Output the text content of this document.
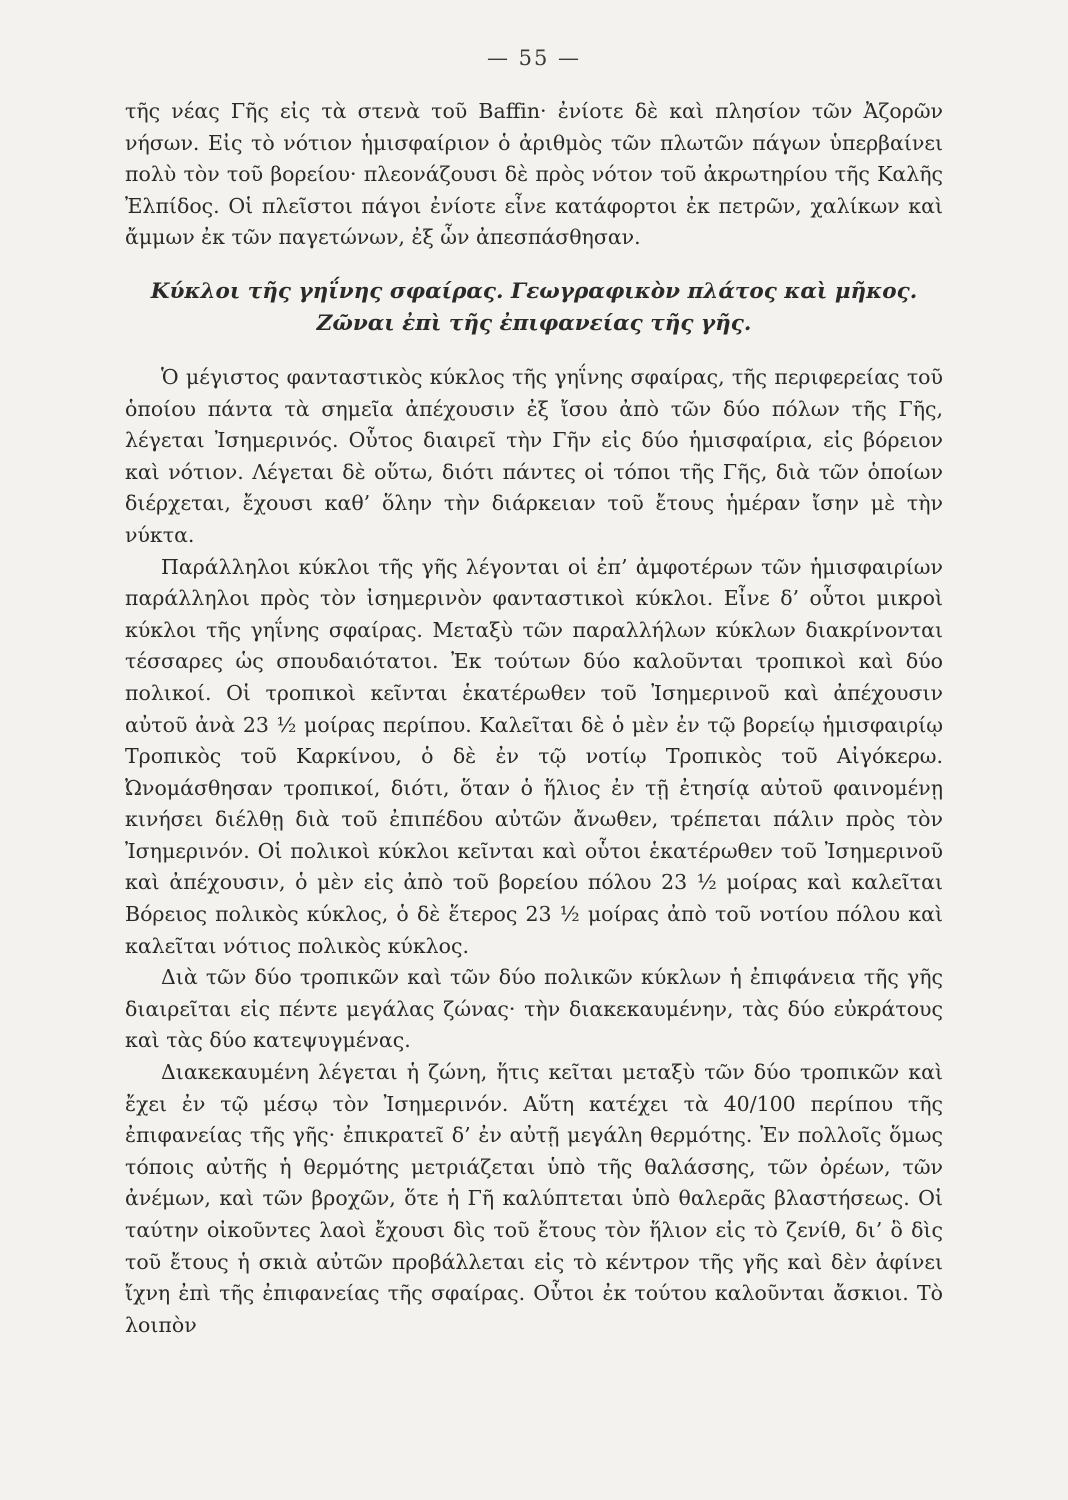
— 55 —

τῆς νέας Γῆς εἰς τὰ στενὰ τοῦ Baffin· ἐνίοτε δὲ καὶ πλησίον τῶν Ἀζορῶν νήσων. Εἰς τὸ νότιον ἡμισφαίριον ὁ ἀριθμὸς τῶν πλωτῶν πάγων ὑπερβαίνει πολὺ τὸν τοῦ βορείου· πλεονάζουσι δὲ πρὸς νότον τοῦ ἀκρωτηρίου τῆς Καλῆς Ἐλπίδος. Οἱ πλεῖστοι πάγοι ἐνίοτε εἶνε κατάφορτοι ἐκ πετρῶν, χαλίκων καὶ ἄμμων ἐκ τῶν παγετώνων, ἐξ ὧν ἀπεσπάσθησαν.

Κύκλοι τῆς γηΐνης σφαίρας. Γεωγραφικὸν πλάτος καὶ μῆκος.
Ζῶναι ἐπὶ τῆς ἐπιφανείας τῆς γῆς.

Ὁ μέγιστος φανταστικὸς κύκλος τῆς γηΐνης σφαίρας, τῆς περιφερείας τοῦ ὁποίου πάντα τὰ σημεῖα ἀπέχουσιν ἐξ ἴσου ἀπὸ τῶν δύο πόλων τῆς Γῆς, λέγεται Ἰσημερινός. Οὗτος διαιρεῖ τὴν Γῆν εἰς δύο ἡμισφαίρια, εἰς βόρειον καὶ νότιον. Λέγεται δὲ οὕτω, διότι πάντες οἱ τόποι τῆς Γῆς, διὰ τῶν ὁποίων διέρχεται, ἔχουσι καθ’ ὅλην τὴν διάρκειαν τοῦ ἔτους ἡμέραν ἴσην μὲ τὴν νύκτα.

Παράλληλοι κύκλοι τῆς γῆς λέγονται οἱ ἐπ’ ἀμφοτέρων τῶν ἡμισφαιρίων παράλληλοι πρὸς τὸν ἰσημερινὸν φανταστικοὶ κύκλοι. Εἶνε δ’ οὗτοι μικροὶ κύκλοι τῆς γηΐνης σφαίρας. Μεταξὺ τῶν παραλλήλων κύκλων διακρίνονται τέσσαρες ὡς σπουδαιότατοι. Ἐκ τούτων δύο καλοῦνται τροπικοὶ καὶ δύο πολικοί. Οἱ τροπικοὶ κεῖνται ἑκατέρωθεν τοῦ Ἰσημερινοῦ καὶ ἀπέχουσιν αὐτοῦ ἀνὰ 23 ½ μοίρας περίπου. Καλεῖται δὲ ὁ μὲν ἐν τῷ βορείῳ ἡμισφαιρίῳ Τροπικὸς τοῦ Καρκίνου, ὁ δὲ ἐν τῷ νοτίῳ Τροπικὸς τοῦ Αἰγόκερω. Ὠνομάσθησαν τροπικοί, διότι, ὅταν ὁ ἥλιος ἐν τῇ ἐτησίᾳ αὐτοῦ φαινομένῃ κινήσει διέλθῃ διὰ τοῦ ἐπιπέδου αὐτῶν ἄνωθεν, τρέπεται πάλιν πρὸς τὸν Ἰσημερινόν. Οἱ πολικοὶ κύκλοι κεῖνται καὶ οὗτοι ἑκατέρωθεν τοῦ Ἰσημερινοῦ καὶ ἀπέχουσιν, ὁ μὲν εἰς ἀπὸ τοῦ βορείου πόλου 23 ½ μοίρας καὶ καλεῖται Βόρειος πολικὸς κύκλος, ὁ δὲ ἕτερος 23 ½ μοίρας ἀπὸ τοῦ νοτίου πόλου καὶ καλεῖται νότιος πολικὸς κύκλος.

Διὰ τῶν δύο τροπικῶν καὶ τῶν δύο πολικῶν κύκλων ἡ ἐπιφάνεια τῆς γῆς διαιρεῖται εἰς πέντε μεγάλας ζώνας· τὴν διακεκαυμένην, τὰς δύο εὐκράτους καὶ τὰς δύο κατεψυγμένας.

Διακεκαυμένη λέγεται ἡ ζώνη, ἥτις κεῖται μεταξὺ τῶν δύο τροπικῶν καὶ ἔχει ἐν τῷ μέσῳ τὸν Ἰσημερινόν. Αὕτη κατέχει τὰ 40/100 περίπου τῆς ἐπιφανείας τῆς γῆς· ἐπικρατεῖ δ’ ἐν αὐτῇ μεγάλη θερμότης. Ἐν πολλοῖς ὅμως τόποις αὐτῆς ἡ θερμότης μετριάζεται ὑπὸ τῆς θαλάσσης, τῶν ὀρέων, τῶν ἀνέμων, καὶ τῶν βροχῶν, ὅτε ἡ Γῆ καλύπτεται ὑπὸ θαλερᾶς βλαστήσεως. Οἱ ταύτην οἰκοῦντες λαοὶ ἔχουσι δὶς τοῦ ἔτους τὸν ἥλιον εἰς τὸ ζενίθ, δι’ ὃ δὶς τοῦ ἔτους ἡ σκιὰ αὐτῶν προβάλλεται εἰς τὸ κέντρον τῆς γῆς καὶ δὲν ἀφίνει ἴχνη ἐπὶ τῆς ἐπιφανείας τῆς σφαίρας. Οὗτοι ἐκ τούτου καλοῦνται ἄσκιοι. Τὸ λοιπὸν
